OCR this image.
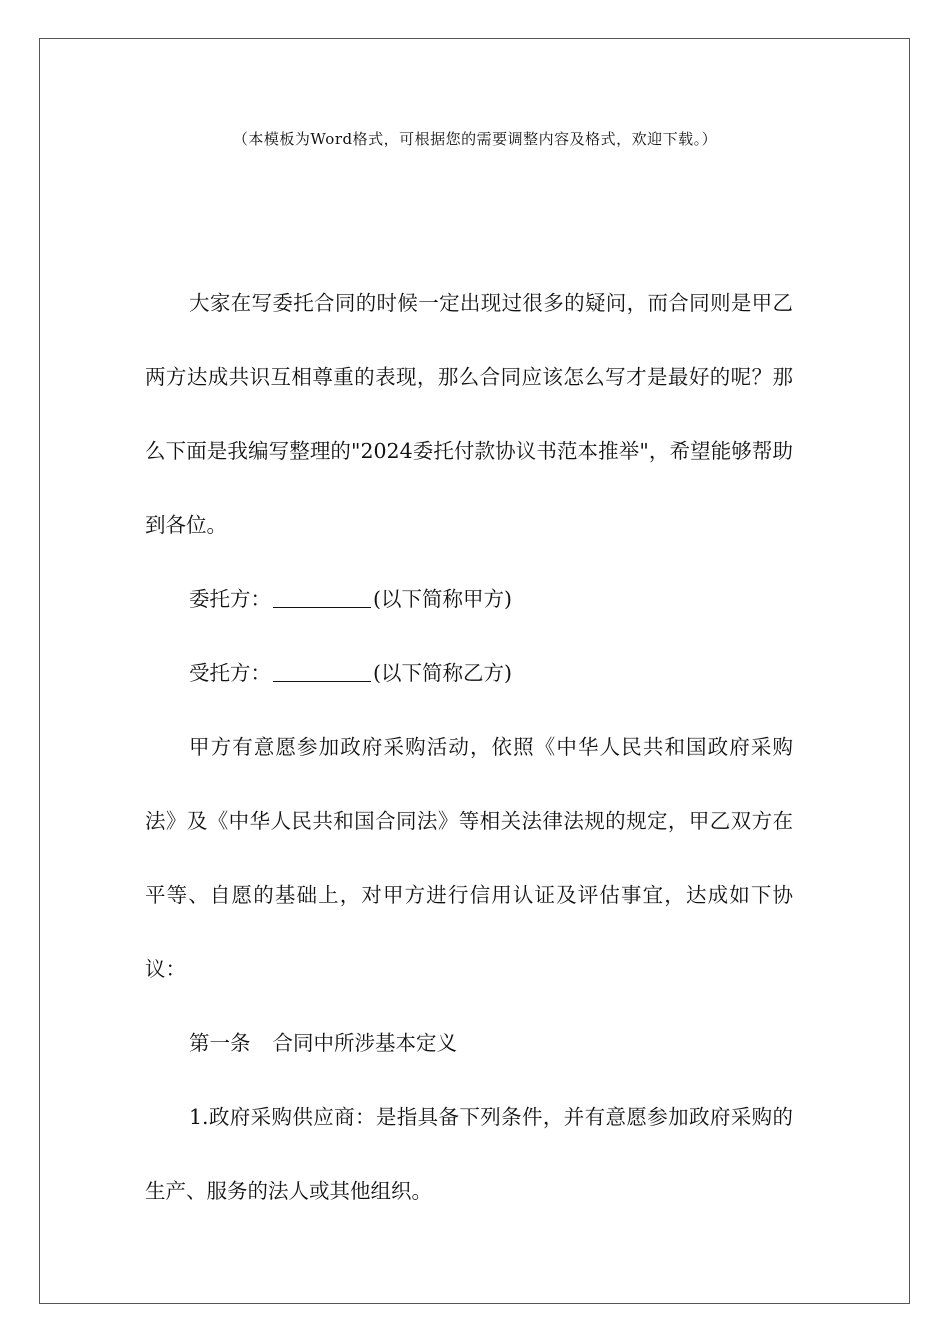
（本模板为Word格式，可根据您的需要调整内容及格式，欢迎下载。）

大家在写委托合同的时候一定出现过很多的疑问，而合同则是甲乙两方达成共识互相尊重的表现，那么合同应该怎么写才是最好的呢？那么下面是我编写整理的"2024委托付款协议书范本推举"，希望能够帮助到各位。

委托方：	(以下简称甲方)

受托方：	(以下简称乙方)

甲方有意愿参加政府采购活动，依照《中华人民共和国政府采购法》及《中华人民共和国合同法》等相关法律法规的规定，甲乙双方在平等、自愿的基础上，对甲方进行信用认证及评估事宜，达成如下协议：

第一条 合同中所涉基本定义

1.政府采购供应商：是指具备下列条件，并有意愿参加政府采购的生产、服务的法人或其他组织。
